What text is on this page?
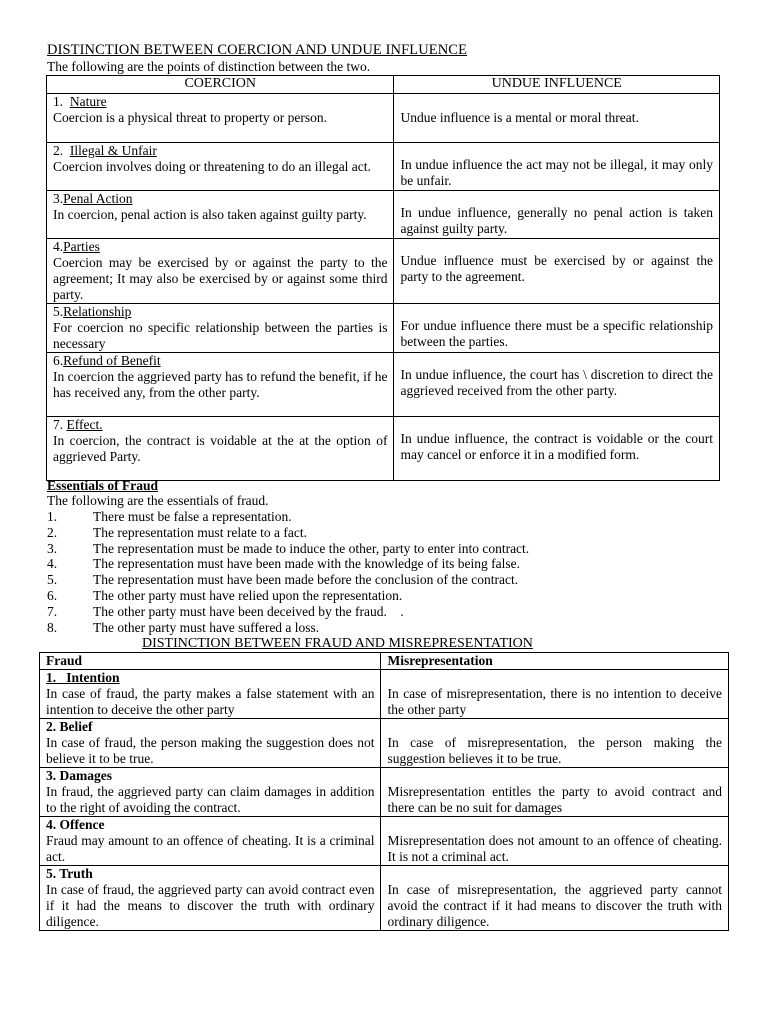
DISTINCTION BETWEEN COERCION AND UNDUE INFLUENCE
The following are the points of distinction between the two.
COERCION	UNDUE INFLUENCE

1. Nature
Coercion is a physical threat to property or person.	Undue influence is a mental or moral threat.

2. Illegal & Unfair
Coercion involves doing or threatening to do an illegal act.	In undue influence the act may not be illegal, it may only be unfair.

3.Penal Action
In coercion, penal action is also taken against guilty party.	In undue influence, generally no penal action is taken against guilty party.

4.Parties
Coercion may be exercised by or against the party to the agreement; It may also be exercised by or against some third party.	Undue influence must be exercised by or against the party to the agreement.

5.Relationship
For coercion no specific relationship between the parties is necessary	For undue influence there must be a specific relationship between the parties.

6.Refund of Benefit
In coercion the aggrieved party has to refund the benefit, if he has received any, from the other party.	In undue influence, the court has \ discretion to direct the aggrieved received from the other party.

7. Effect.
In coercion, the contract is voidable at the at the option of aggrieved Party.	In undue influence, the contract is voidable or the court may cancel or enforce it in a modified form.
Essentials of Fraud
The following are the essentials of fraud.
1.	There must be false a representation.
2.	The representation must relate to a fact.
3.	The representation must be made to induce the other, party to enter into contract.
4.	The representation must have been made with the knowledge of its being false.
5.	The representation must have been made before the conclusion of the contract.
6.	The other party must have relied upon the representation.
7.	The other party must have been deceived by the fraud.    .
8.	The other party must have suffered a loss.
DISTINCTION BETWEEN FRAUD AND MISREPRESENTATION
Fraud	Misrepresentation

1.   Intention
In case of fraud, the party makes a false statement with an intention to deceive the other party	In case of misrepresentation, there is no intention to deceive the other party

2. Belief
In case of fraud, the person making the suggestion does not believe it to be true.	In case of misrepresentation, the person making the suggestion believes it to be true.

3. Damages
In fraud, the aggrieved party can claim damages in addition to the right of avoiding the contract.	Misrepresentation entitles the party to avoid contract and there can be no suit for damages

4. Offence
Fraud may amount to an offence of cheating. It is a criminal act.	Misrepresentation does not amount to an offence of cheating. It is not a criminal act.

5. Truth
In case of fraud, the aggrieved party can avoid contract even if it had the means to discover the truth with ordinary diligence.	In case of misrepresentation, the aggrieved party cannot avoid the contract if it had means to discover the truth with ordinary diligence.
